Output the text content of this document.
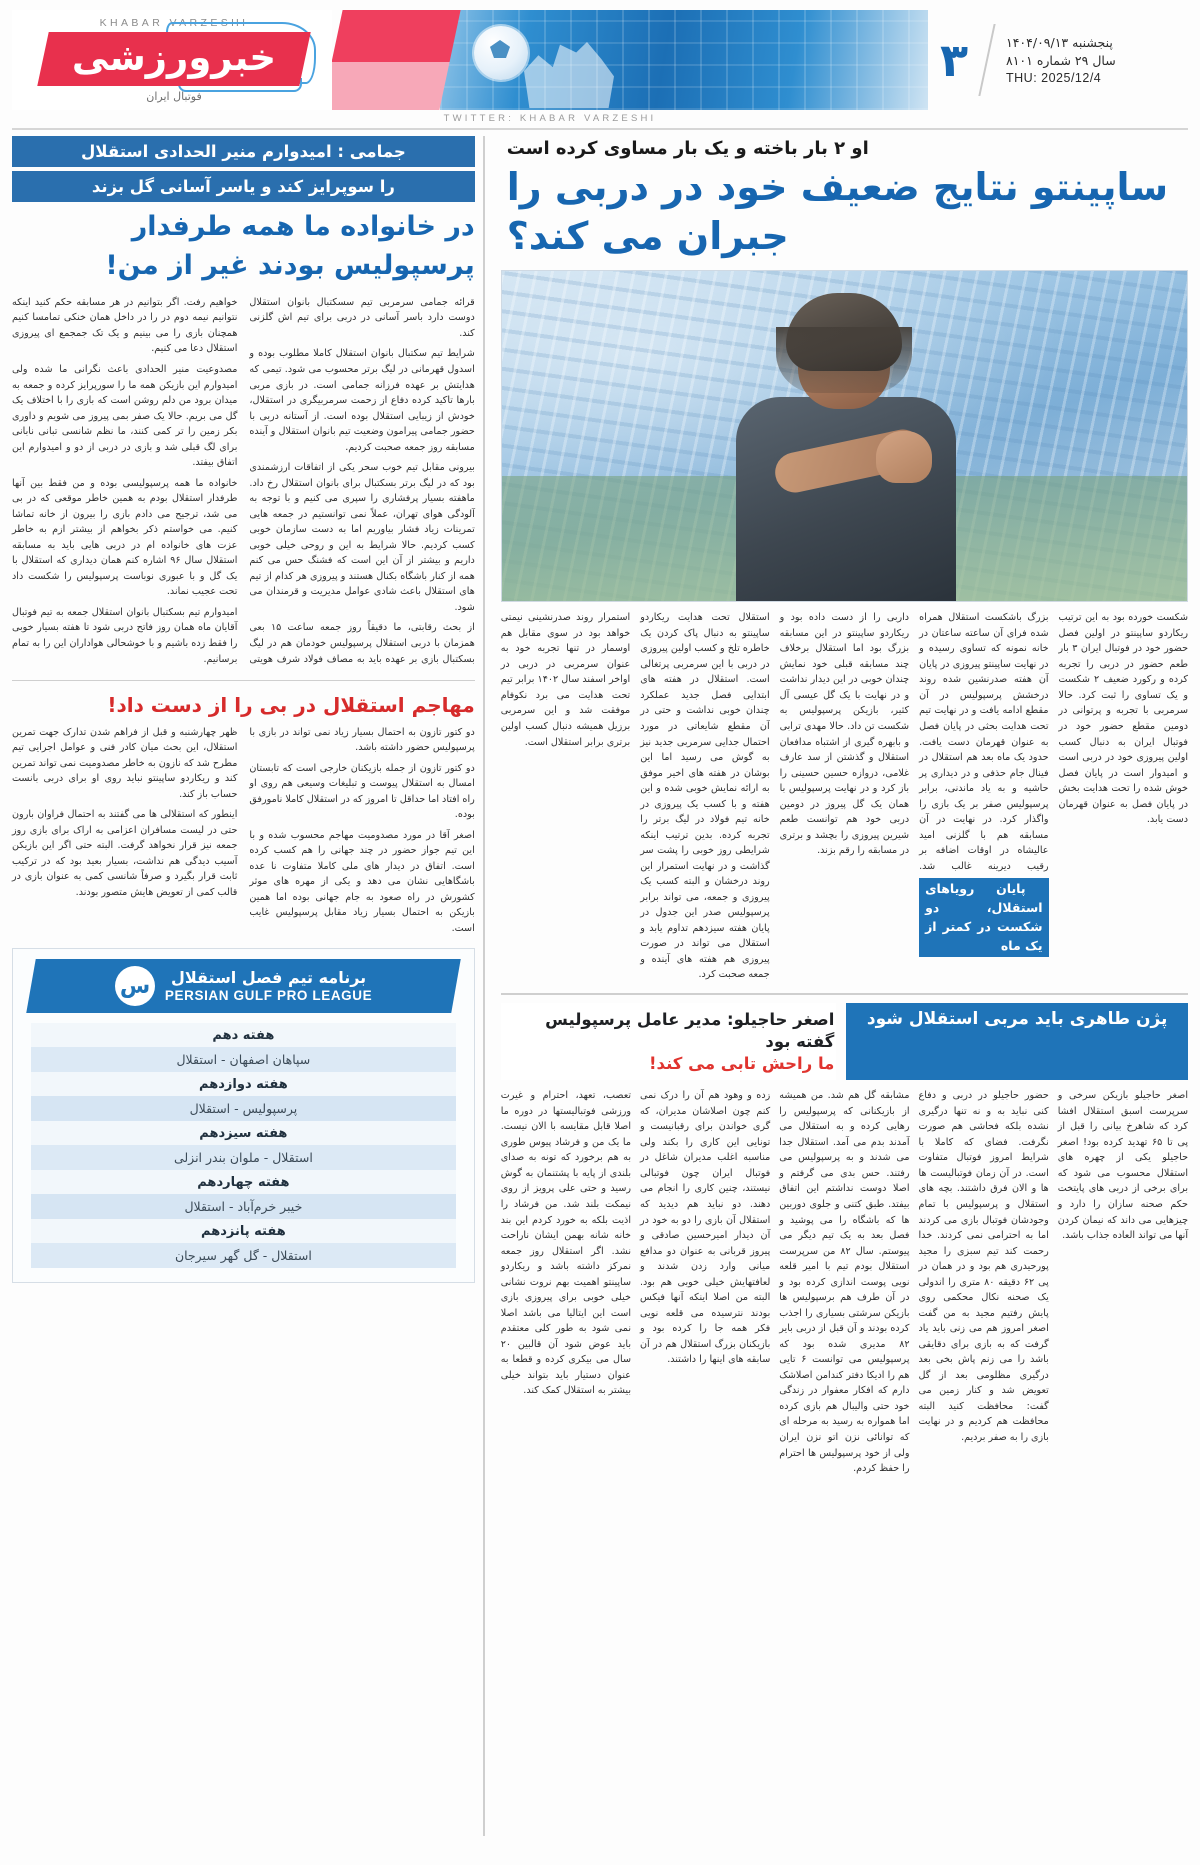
پنجشنبه ۱۴۰۴/۰۹/۱۳
سال ۲۹ شماره ۸۱۰۱
THU: 2025/12/4
۳
KHABAR VARZESHI
خبرورزشی
فوتبال ایران
TWITTER: KHABAR VARZESHI
او ۲ بار باخته و یک بار مساوی کرده است
ساپینتو نتایج ضعیف خود در دربی را جبران می کند؟
شکست خورده بود به این ترتیب ریکاردو ساپینتو در اولین فصل حضور خود در فوتبال ایران ۳ بار طعم حضور در دربی را تجربه کرده و رکورد ضعیف ۲ شکست و یک تساوی را ثبت کرد. حالا سرمربی با تجربه و پرتوانی در دومین مقطع حضور خود در فوتبال ایران به دنبال کسب اولین پیروزی خود در دربی است و امیدوار است در پایان فصل خوش شده را تحت هدایت بخش در پایان فصل به عنوان قهرمان دست یابد.
بزرگ باشکست استقلال همراه شده فرای آن ساعته ساعتان در خانه نمونه که تساوی رسیده و در نهایت ساپینتو پیروزی در پایان آن هفته صدرنشین شده روند درخشش پرسپولیس در آن مقطع ادامه یافت و در نهایت تیم تحت هدایت بحثی در پایان فصل به عنوان قهرمان دست یافت. حدود یک ماه بعد هم استقلال در فینال جام حذفی و در دیداری پر حاشیه و به یاد ماندنی، برابر پرسپولیس صفر بر یک بازی را واگذار کرد. در نهایت در آن مسابقه هم با گلزنی امید عالیشاه در اوقات اضافه بر رقیب دیرینه غالب شد. پایان رویاهای استقلال، دو شکست در کمتر از یک ماه
داربی را از دست داده بود و ریکاردو ساپینتو در این مسابقه بزرگ بود اما استقلال برخلاف چند مسابقه قبلی خود نمایش چندان خوبی در این دیدار نداشت و در نهایت با یک گل عیسی آل کثیر، بازیکن پرسپولیس به شکست تن داد. حالا مهدی ترابی و بابهره گیری از اشتباه مدافعان استقلال و گذشتن از سد عارف غلامی، دروازه حسین حسینی را باز کرد و در نهایت پرسپولیس با همان یک گل پیروز در دومین دربی خود هم توانست طعم شیرین پیروزی را بچشد و برتری در مسابقه را رقم بزند.
استقلال تحت هدایت ریکاردو ساپینتو به دنبال پاک کردن یک خاطره تلخ و کسب اولین پیروزی در دربی با این سرمربی پرتغالی است. استقلال در هفته های ابتدایی فصل جدید عملکرد چندان خوبی نداشت و حتی در آن مقطع شایعاتی در مورد احتمال جدایی سرمربی جدید نیز به گوش می رسید اما این بوشان در هفته های اخیر موفق به ارائه نمایش خوبی شده و این هفته و با کسب یک پیروزی در خانه تیم فولاد در لیگ برتر را تجربه کرده. بدین ترتیب اینکه شرایطی روز خوبی را پشت سر گذاشت و در نهایت استمرار این روند درخشان و البته کسب یک پیروزی و جمعه، می تواند برابر پرسپولیس صدر این جدول در پایان هفته سیزدهم تداوم یابد و استقلال می تواند در صورت پیروزی هم هفته های آینده و جمعه صحبت کرد.
استمرار روند صدرنشینی نیمتی خواهد بود در سوی مقابل هم اوسمار در تنها تجربه خود به عنوان سرمربی در دربی در اواخر اسفند سال ۱۴۰۲ برابر تیم تحت هدایت می برد نکوفام موفقت شد و این سرمربی برزیل همیشه دنبال کسب اولین برتری برابر استقلال است.
پژن طاهری باید مربی استقلال شود
اصغر حاجیلو: مدیر عامل پرسپولیس گفته بود
ما راحش تابی می کند!
اصغر حاجیلو بازیکن سرخی و سرپرست اسبق استقلال افشا کرد که شاهرخ بیانی را قبل از پی تا ۶۵ تهدید کرده بود! اصغر حاجیلو یکی از چهره های استقلال محسوب می شود که برای برخی از دربی های پایتخت حکم صحنه سازان را دارد و چیزهایی می داند که نیمان کردن آنها می تواند العاده جذاب باشد.
حضور حاجیلو در دربی و دفاع کنی نباید به و نه تنها درگیری نشده بلکه فحاشی هم صورت نگرفت. فضای که کاملا با شرایط امروز فوتبال متفاوت است. در آن زمان فوتبالیست ها ها و الان فرق داشتند. بچه های استقلال و پرسپولیس با تمام وجودشان فوتبال بازی می کردند اما به احترامی نمی کردند. خدا رحمت کند تیم سبزی را مجید پورحیدری هم بود و در همان در پی ۶۲ دقیقه ۸۰ متری را اندولی یک صحنه نکال محکمی روی پایش رفتیم مجید به من گفت اصغر امروز هم می زنی باید یاد گرفت که به بازی برای دقایقی باشد را می زنم پاش بخی بعد درگیری مظلومی بعد از گل تعویض شد و کنار زمین می گفت: محافظت کنید البته محافظت هم کردیم و در نهایت بازی را به صفر بردیم.
مشابقه گل هم شد. من همیشه از بازیکنانی که پرسپولیس را رهایی کرده و به استقلال می آمدند بدم می آمد. استقلال جدا می شدند و به پرسپولیس می رفتند. حس بدی می گرفتم و اصلا دوست نداشتم این اتفاق بیفتد. طبق کتنی و جلوی دوربین ها که باشگاه را می پوشید و فصل بعد به یک تیم دیگر می پیوستم. سال ۸۲ من سرپرست استقلال بودم تیم با امیر قلعه نویی پوست اندازی کرده بود و در آن طرف هم برسپولیس ها بازیکن سرشتی بسیاری را اجذب کرده بودند و آن قبل از دربی بایر ۸۲ مدیری شده بود که پرسپولیس می توانست ۶ تایی هم را ادیکا دفتر کندامن اصلاشک دارم که افکار معفوار در زندگی خود حتی والیبال هم بازی کرده اما همواره به رسید به مرحله ای که توانائی نزن اتو نزن ایران ولی از خود پرسپولیس ها احترام را حفظ کردم.
زده و وهود هم آن را درک نمی کنم چون اصلاشان مدیران، که گری خواندن برای رقبانیست و تونایی این کاری را بکند ولی مناسبه اغلب مدیران شاغل در فوتبال ایران چون فوتبالی نیستند، چنین کاری را انجام می دهند. دو نباید هم دیدید که استقلال آن بازی را دو به خود در آن دیدار امیرحسین صادقی و پیروز قربانی به عنوان دو مدافع میانی وارد زدن شدند و لعافتهایش خیلی خوبی هم بود. البته من اصلا اینکه آنها فیکس بودند نترسیده می قلعه نویی فکر همه جا را کرده بود و بازیکنان بزرگ استقلال هم در آن سابقه های اینها را داشتند.
تعصب، تعهد، احترام و غیرت ورزشی فوتبالیستها در دوره ما اصلا قابل مقایسه با الان نیست. ما یک من و فرشاد پیوس طوری به هم برخورد که تونه به صدای بلندی از پایه با پشتنمان به گوش رسید و حتی علی پرویز از روی نیمکت بلند شد. من فرشاد را اذیت بلکه به خورد کردم این بند خانه شانه بهمن ایشان ناراحت نشد. اگر استقلال روز جمعه نمرکز داشته باشد و ریکاردو ساپینتو اهمیت بهم نروت نشانی خیلی خوبی برای پیروزی بازی است این ایتالیا می باشد اصلا نمی شود به طور کلی معتقدم باید عوض شود آن قالبین ۲۰ سال می بیکری کرده و قطعا به عنوان دستیار باید بتواند خیلی بیشتر به استقلال کمک کند.
جمامی : امیدوارم منیر الحدادی استقلال
را سوپرایز کند و یاسر آسانی گل بزند
در خانواده ما همه طرفدار
پرسپولیس بودند غیر از من!

قرائه جمامی سرمربی تیم سسکتبال بانوان استقلال دوست دارد باسر آسانی در دربی برای تیم اش گلزنی کند.

شرایط تیم سکتبال بانوان استقلال کاملا مطلوب بوده و اسدول قهرمانی در لیگ برتر محسوب می شود. تیمی که هدایتش بر عهده فرزانه جمامی است. در بازی مربی بارها تاکید کرده دفاع از زحمت سرمربیگری در استقلال، خودش از زیبایی استقلال بوده است. از آستانه دربی با حضور جمامی پیرامون وضعیت تیم بانوان استقلال و آینده مسابقه روز جمعه صحبت کردیم.

بیرونی مقابل تیم خوب سحر یکی از اتفاقات ارزشمندی بود که در لیگ برتر بسکتبال برای بانوان استقلال رخ داد. ماهفته بسیار پرفشاری را سپری می کنیم و با توجه به آلودگی هوای تهران، عملاً نمی توانستیم در جمعه هایی تمرینات زیاد فشار بیاوریم اما به دست سازمان خوبی کسب کردیم. حالا شرایط به این و روحی خیلی خوبی داریم و بیشتر از آن این است که فشنگ حس می کنم همه از کنار باشگاه بکنال هستند و پیروزی هر کدام از تیم های استقلال باعث شادی عوامل مدیریت و قرمندان می شود.

از بحث رقابتی، ما دقیقاً روز جمعه ساعت ۱۵ بعی همزمان با دربی استقلال پرسپولیس خودمان هم در لیگ بسکتبال بازی بر عهده باید به مصاف فولاد شرف هویتی خواهیم رفت. اگر بتوانیم در هر مسابقه حکم کنید اینکه نتوانیم نیمه دوم در را در داخل همان خنکی تمامسا کنیم همچنان بازی را می بینیم و یک تک جمجمع ای پیروزی استقلال دعا می کنیم.

مصدوعیت منیر الحدادی باعث نگرانی ما شده ولی امیدوارم این بازیکن همه ما را سورپرایز کرده و جمعه به میدان برود من دلم روشن است که بازی را با اختلاف یک گل می بریم. حالا یک صفر بمی پیروز می شویم و داوری بکر زمین را تر کمی کنند، ما نظم شانسی تبانی نابانی برای لگ قبلی شد و بازی در دربی از دو و امیدوارم این اتفاق بیفتد.

خانواده ما همه پرسپولیسی بوده و من فقط بین آنها طرفدار استقلال بودم به همین خاطر موقعی که در بی می شد، ترجیح می دادم بازی را بیرون از خانه تماشا کنیم. می خواستم ذکر بخواهم از بیشتر ازم به خاطر عزت های خانواده ام در دربی هایی باید به مسابقه استقلال سال ۹۶ اشاره کنم همان دیداری که استقلال با یک گل و با عبوری نوباست پرسپولیس را شکست داد تحت عجیب نماند.

امیدوارم تیم بسکتبال بانوان استقلال جمعه به تیم فوتبال آقایان ماه همان روز فاتح دربی شود تا هفته بسیار خوبی را فقط زده باشیم و با خوشحالی هواداران این را به تمام برسانیم.

مهاجم استقلال در بی را از دست داد!

دو کتور تازون به احتمال بسیار زیاد نمی تواند در بازی با پرسپولیس حضور داشته باشد.

دو کتور تازون از جمله بازیکنان خارجی است که تابستان امسال به استقلال پیوست و تبلیغات وسیعی هم روی او راه افتاد اما حداقل تا امروز که در استقلال کاملا نامورفق بوده.

اصغر آقا در مورد مصدومیت مهاجم محسوب شده و با این تیم جواز حضور در چند جهانی را هم کسب کرده است. اتفاق در دیدار های ملی کاملا متفاوت نا عده باشگاهایی نشان می دهد و یکی از مهره های موثر کشورش در راه صعود به جام جهانی بوده اما همین بازیکن به احتمال بسیار زیاد مقابل پرسپولیس غایب است.

ظهر چهارشنبه و قبل از فراهم شدن تدارک جهت تمرین استقلال، این بحث میان کادر فنی و عوامل اجرایی تیم مطرح شد که نازون به خاطر مصدومیت نمی تواند تمرین کند و ریکاردو ساپینتو نباید روی او برای دربی بانست حساب باز کند.

اینطور که استقلالی ها می گفتند به احتمال فراوان بارون حتی در لیست مسافران اعزامی به اراک برای بازی روز جمعه نیز قرار نخواهد گرفت. البته حتی اگر این بازیکن آسیب دیدگی هم نداشت، بسیار بعید بود که در ترکیب ثابت قرار بگیرد و صرفاً شانسی کمی به عنوان بازی در قالب کمی از تعویض هایش متصور بودند.

برنامه تیم فصل استقلال
PERSIAN GULF PRO LEAGUE
س
هفته دهم
سپاهان اصفهان - استقلال
هفته دوازدهم
پرسپولیس - استقلال
هفته سیزدهم
استقلال - ملوان بندر انزلی
هفته چهاردهم
خیبر خرم‌آباد - استقلال
هفته پانزدهم
استقلال - گل گهر سیرجان
